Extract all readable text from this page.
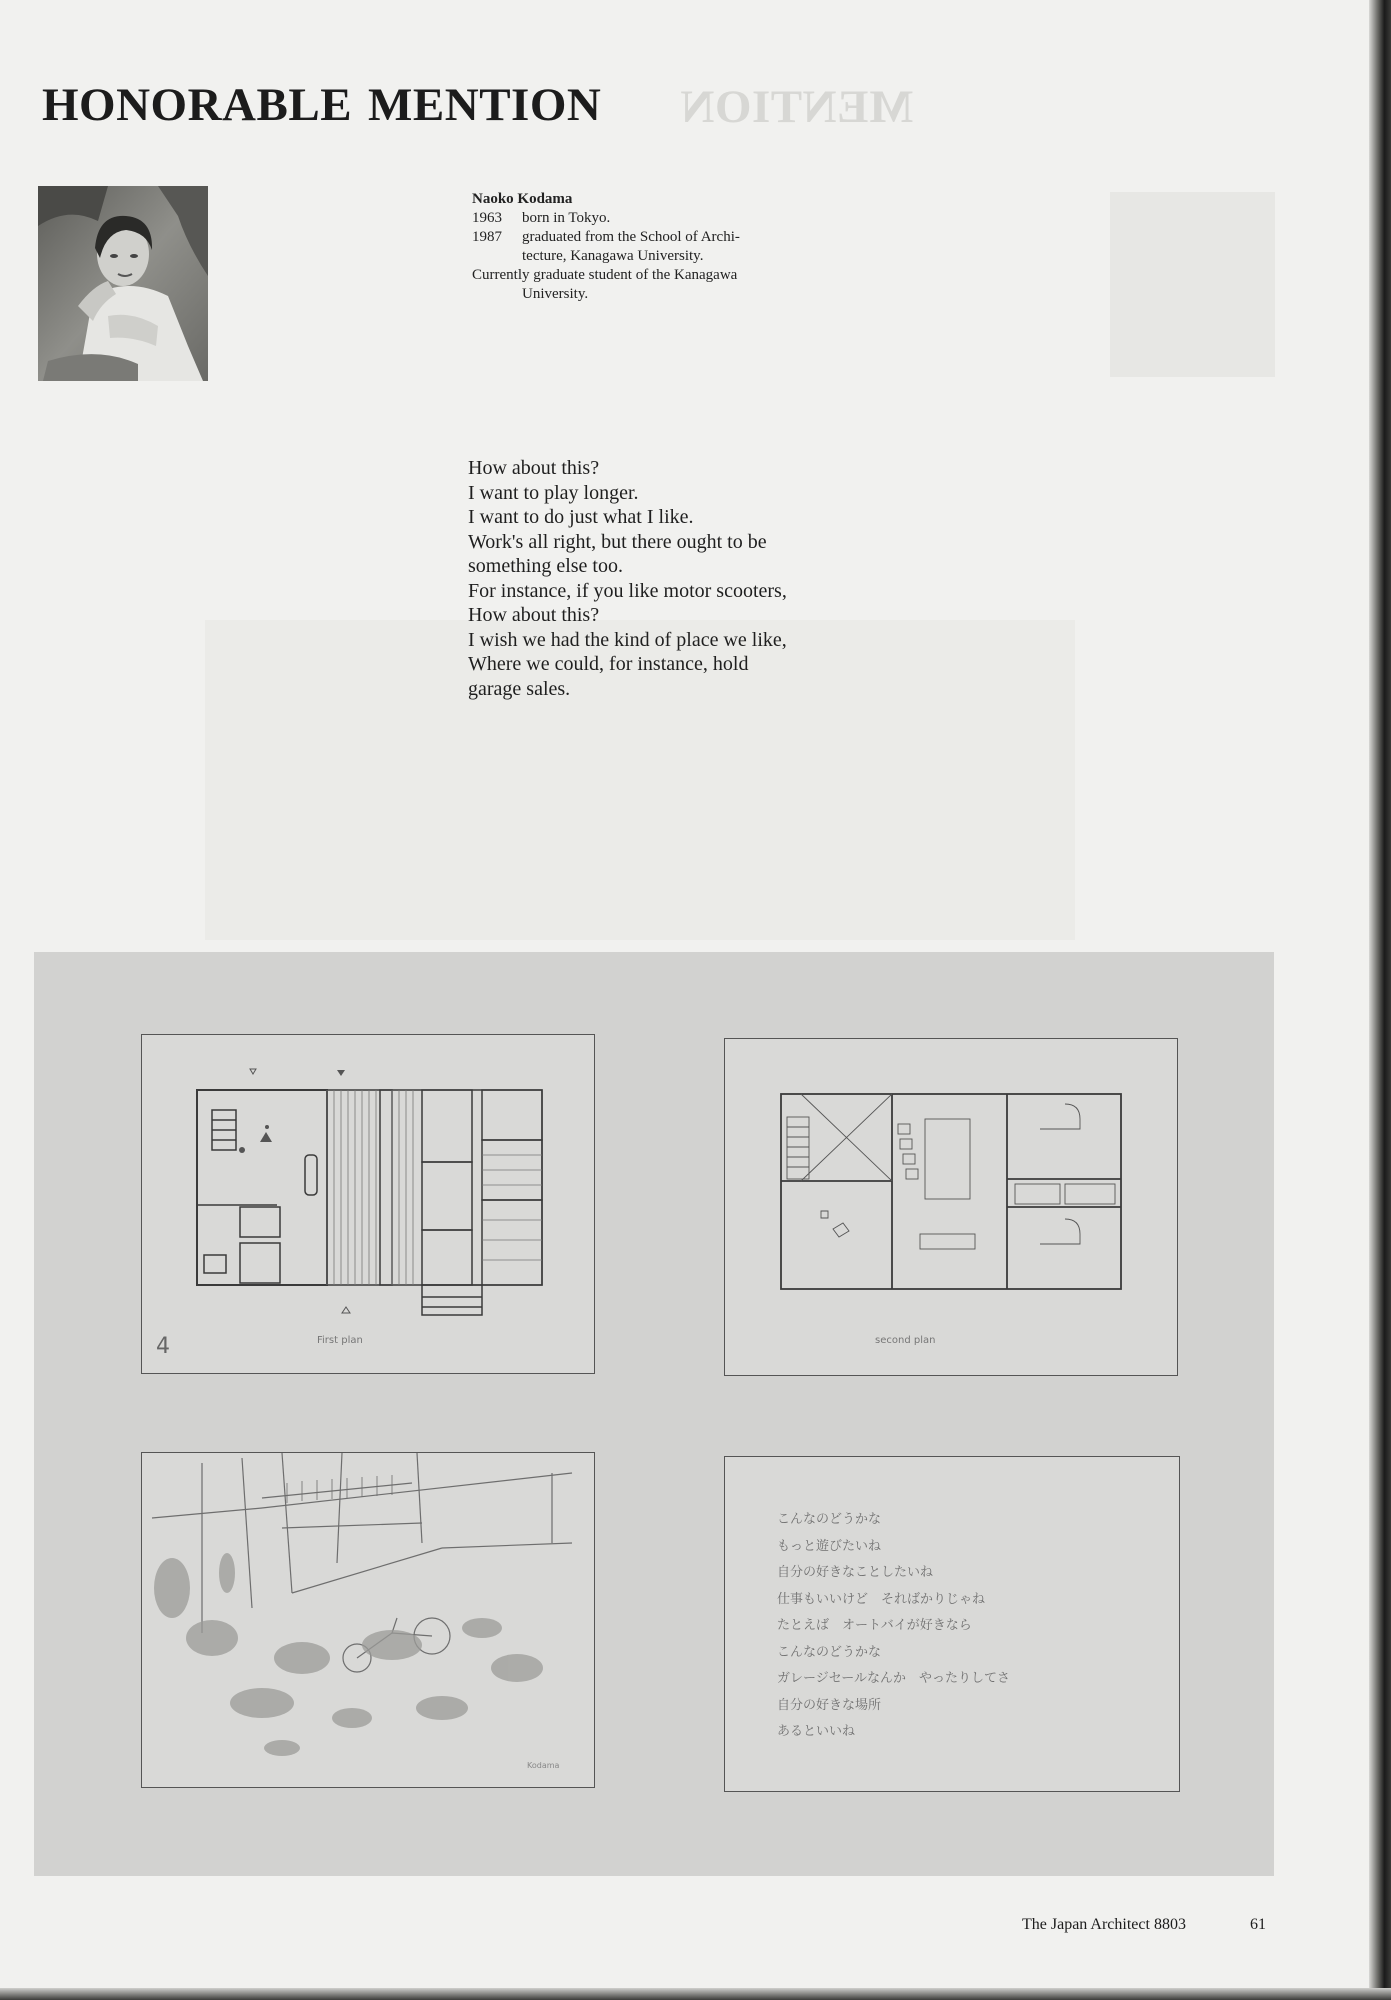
MENTION
HONORABLE MENTION
Naoko Kodama
1963	born in Tokyo.
1987	graduated from the School of Archi-
tecture, Kanagawa University.
Currently graduate student of the Kanagawa
University.
How about this?
I want to play longer.
I want to do just what I like.
Work's all right, but there ought to be
something else too.
For instance, if you like motor scooters,
How about this?
I wish we had the kind of place we like,
Where we could, for instance, hold
garage sales.
4	First plan	second plan
Kodama
こんなのどうかな
もっと遊びたいね
自分の好きなことしたいね
仕事もいいけど　そればかりじゃね
たとえば　オートバイが好きなら
こんなのどうかな
ガレージセールなんか　やったりしてさ
自分の好きな場所
あるといいね
The Japan Architect 8803	61
